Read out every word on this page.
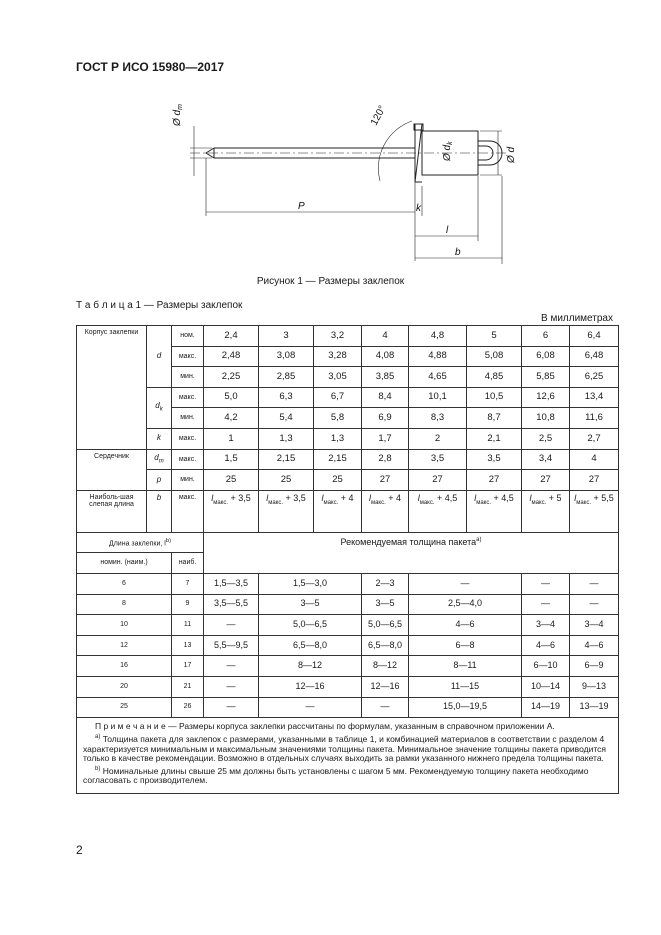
ГОСТ Р ИСО 15980—2017
Ø $d_m$	120°
Ø $d_k$
Ø d
P	k
l
b
Рисунок 1 — Размеры заклепок
Т а б л и ц а 1 — Размеры заклепок
В миллиметрах
Корпус заклепки	d	ном.	2,4	3	3,2	4	4,8	5	6	6,4
		макс.	2,48	3,08	3,28	4,08	4,88	5,08	6,08	6,48
		мин.	2,25	2,85	3,05	3,85	4,65	4,85	5,85	6,25
	$d_k$	макс.	5,0	6,3	6,7	8,4	10,1	10,5	12,6	13,4
		мин.	4,2	5,4	5,8	6,9	8,3	8,7	10,8	11,6
	k	макс.	1	1,3	1,3	1,7	2	2,1	2,5	2,7
Сердечник	$d_m$	макс.	1,5	2,15	2,15	2,8	3,5	3,5	3,4	4
	p	мин.	25	25	25	27	27	27	27	27
Наиболь-шая слепая длина	b	макс.	$l_{макс.} + 3,5$	$l_{макс.} + 3,5$	$l_{макс.} + 4$	$l_{макс.} + 4$	$l_{макс.} + 4,5$	$l_{макс.} + 4,5$	$l_{макс.} + 5$	$l_{макс.} + 5,5$
Длина заклепки, $l^{b)}$			Рекомендуемая толщина пакета$^{a)}$
номин. (наим.)		наиб.								
6		7	1,5—3,5	1,5—3,0		2—3	—		—	—
8		9	3,5—5,5	3—5		3—5	2,5—4,0		—	—
10		11	—	5,0—6,5		5,0—6,5	4—6		3—4	3—4
12		13	5,5—9,5	6,5—8,0		6,5—8,0	6—8		4—6	4—6
16		17	—	8—12		8—12	8—11		6—10	6—9
20		21	—	12—16		12—16	11—15		10—14	9—13
25		26	—	—		—	15,0—19,5		14—19	13—19

П р и м е ч а н и е — Размеры корпуса заклепки рассчитаны по формулам, указанным в справочном приложении А.

$^{a)}$ Толщина пакета для заклепок с размерами, указанными в таблице 1, и комбинацией материалов в соответствии с разделом 4 характеризуется минимальным и максимальным значениями толщины пакета. Минимальное значение толщины пакета приводится только в качестве рекомендации. Возможно в отдельных случаях выходить за рамки указанного нижнего предела толщины пакета.

$^{b)}$ Номинальные длины свыше 25 мм должны быть установлены с шагом 5 мм. Рекомендуемую толщину пакета необходимо согласовать с производителем.										

2
